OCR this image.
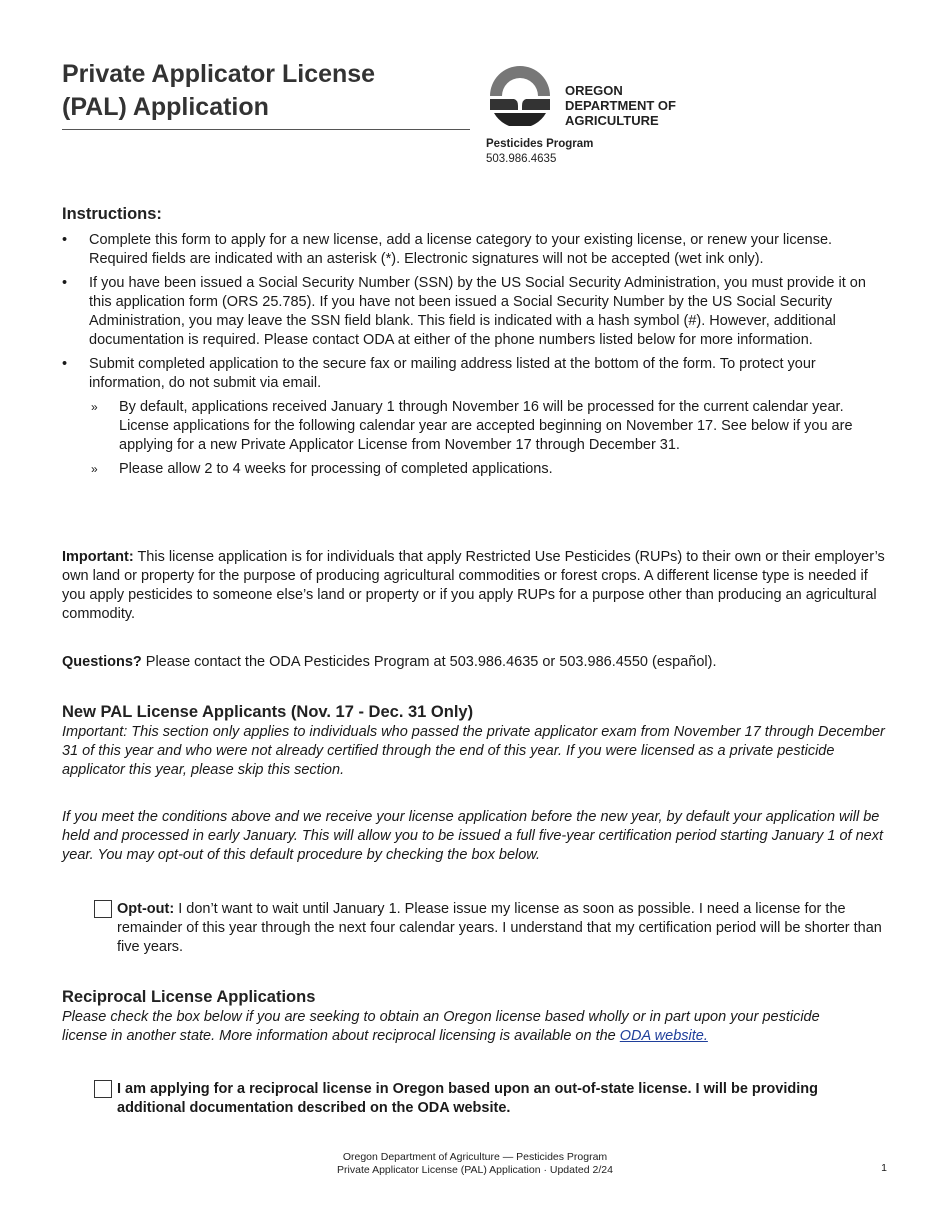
Private Applicator License
(PAL) Application
OREGON
DEPARTMENT OF
AGRICULTURE
Pesticides Program
503.986.4635
Instructions:
• Complete this form to apply for a new license, add a license category to your existing license, or renew your license. Required fields are indicated with an asterisk (*). Electronic signatures will not be accepted (wet ink only).
• If you have been issued a Social Security Number (SSN) by the US Social Security Administration, you must provide it on this application form (ORS 25.785). If you have not been issued a Social Security Number by the US Social Security Administration, you may leave the SSN field blank. This field is indicated with a hash symbol (#). However, additional documentation is required. Please contact ODA at either of the phone numbers listed below for more information.
• Submit completed application to the secure fax or mailing address listed at the bottom of the form. To protect your information, do not submit via email.
» By default, applications received January 1 through November 16 will be processed for the current calendar year. License applications for the following calendar year are accepted beginning on November 17. See below if you are applying for a new Private Applicator License from November 17 through December 31.
» Please allow 2 to 4 weeks for processing of completed applications.

Important: This license application is for individuals that apply Restricted Use Pesticides (RUPs) to their own or their employer’s own land or property for the purpose of producing agricultural commodities or forest crops. A different license type is needed if you apply pesticides to someone else’s land or property or if you apply RUPs for a purpose other than producing an agricultural commodity.

Questions? Please contact the ODA Pesticides Program at 503.986.4635 or 503.986.4550 (español).

New PAL License Applicants (Nov. 17 - Dec. 31 Only)

Important: This section only applies to individuals who passed the private applicator exam from November 17 through December 31 of this year and who were not already certified through the end of this year. If you were licensed as a private pesticide applicator this year, please skip this section.

If you meet the conditions above and we receive your license application before the new year, by default your application will be held and processed in early January. This will allow you to be issued a full five-year certification period starting January 1 of next year. You may opt-out of this default procedure by checking the box below.

Opt-out: I don’t want to wait until January 1. Please issue my license as soon as possible. I need a license for the remainder of this year through the next four calendar years. I understand that my certification period will be shorter than five years.

Reciprocal License Applications

Please check the box below if you are seeking to obtain an Oregon license based wholly or in part upon your pesticide license in another state. More information about reciprocal licensing is available on the ODA website.

I am applying for a reciprocal license in Oregon based upon an out-of-state license. I will be providing additional documentation described on the ODA website.

Oregon Department of Agriculture — Pesticides Program
Private Applicator License (PAL) Application · Updated 2/24	1
